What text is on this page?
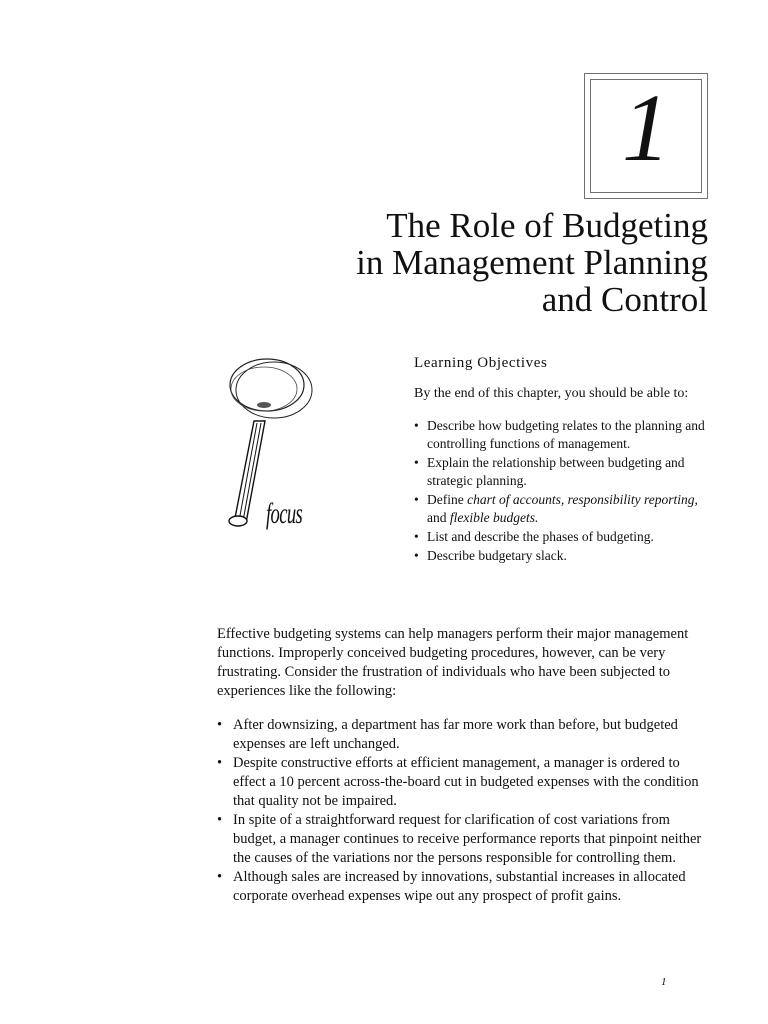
1
The Role of Budgeting
in Management Planning
and Control
focus
Learning Objectives
By the end of this chapter, you should be able to:
• Describe how budgeting relates to the planning and controlling functions of management.
• Explain the relationship between budgeting and strategic planning.
• Define chart of accounts, responsibility reporting, and flexible budgets.
• List and describe the phases of budgeting.
• Describe budgetary slack.

Effective budgeting systems can help managers perform their major management functions. Improperly conceived budgeting procedures, however, can be very frustrating. Consider the frustration of individuals who have been subjected to experiences like the following:

• After downsizing, a department has far more work than before, but budgeted expenses are left unchanged.
• Despite constructive efforts at efficient management, a manager is ordered to effect a 10 percent across-the-board cut in budgeted expenses with the condition that quality not be impaired.
• In spite of a straightforward request for clarification of cost variations from budget, a manager continues to receive performance reports that pinpoint neither the causes of the variations nor the persons responsible for controlling them.
• Although sales are increased by innovations, substantial increases in allocated corporate overhead expenses wipe out any prospect of profit gains.
1
